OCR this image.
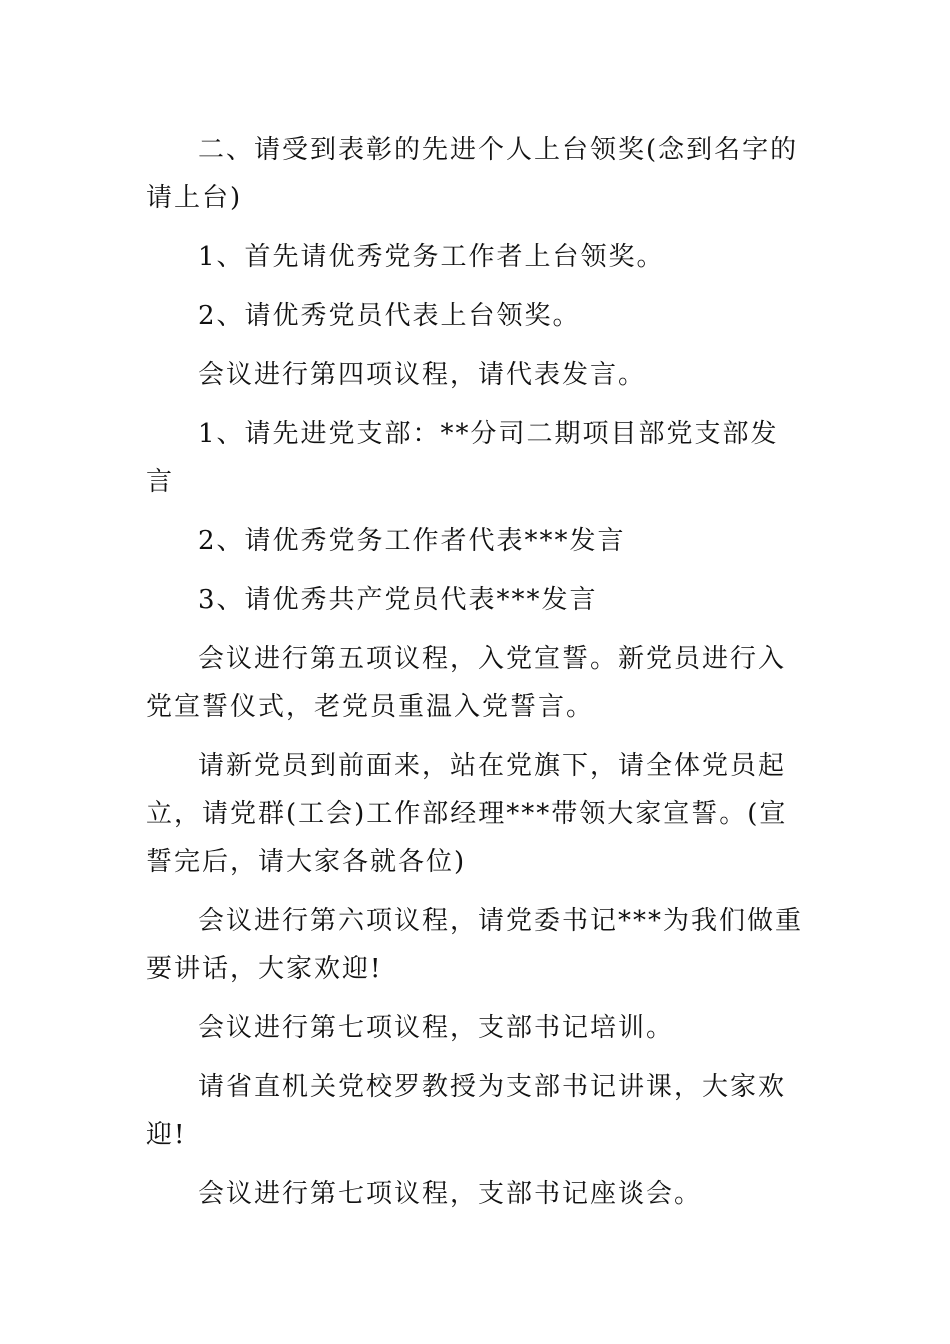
二、请受到表彰的先进个人上台领奖(念到名字的请上台)

1、首先请优秀党务工作者上台领奖。

2、请优秀党员代表上台领奖。

会议进行第四项议程，请代表发言。

1、请先进党支部：**分司二期项目部党支部发言

2、请优秀党务工作者代表***发言

3、请优秀共产党员代表***发言

会议进行第五项议程，入党宣誓。新党员进行入党宣誓仪式，老党员重温入党誓言。

请新党员到前面来，站在党旗下，请全体党员起立，请党群(工会)工作部经理***带领大家宣誓。(宣誓完后，请大家各就各位)

会议进行第六项议程，请党委书记***为我们做重要讲话，大家欢迎!

会议进行第七项议程，支部书记培训。

请省直机关党校罗教授为支部书记讲课，大家欢迎!

会议进行第七项议程，支部书记座谈会。
